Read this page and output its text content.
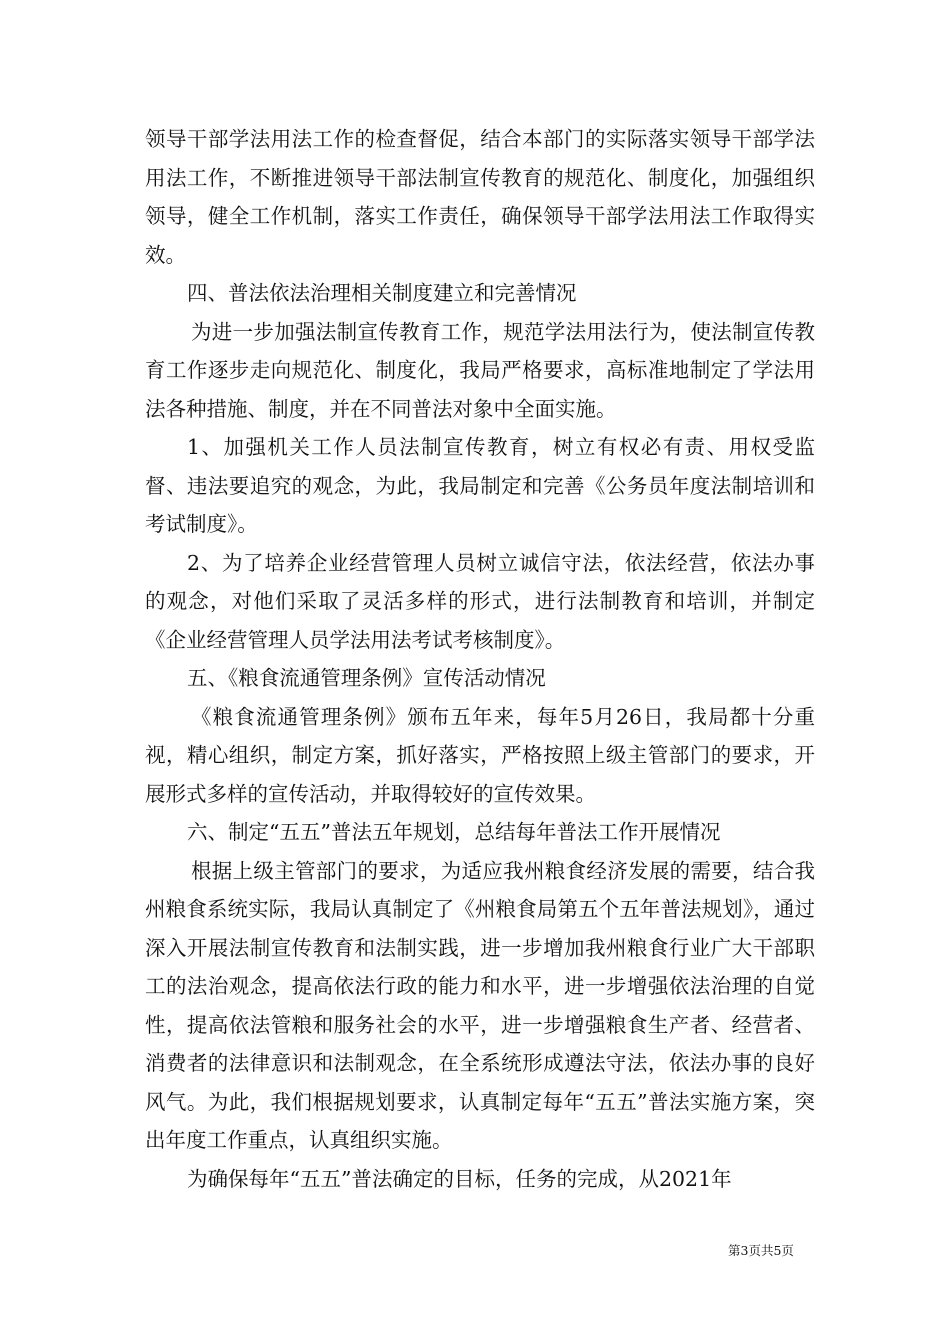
领导干部学法用法工作的检查督促，结合本部门的实际落实领导干部学法用法工作，不断推进领导干部法制宣传教育的规范化、制度化，加强组织领导，健全工作机制，落实工作责任，确保领导干部学法用法工作取得实效。

四、普法依法治理相关制度建立和完善情况

为进一步加强法制宣传教育工作，规范学法用法行为，使法制宣传教育工作逐步走向规范化、制度化，我局严格要求，高标准地制定了学法用法各种措施、制度，并在不同普法对象中全面实施。

1、加强机关工作人员法制宣传教育，树立有权必有责、用权受监督、违法要追究的观念，为此，我局制定和完善《公务员年度法制培训和考试制度》。

2、为了培养企业经营管理人员树立诚信守法，依法经营，依法办事的观念，对他们采取了灵活多样的形式，进行法制教育和培训，并制定《企业经营管理人员学法用法考试考核制度》。

五、《粮食流通管理条例》宣传活动情况

《粮食流通管理条例》颁布五年来，每年5月26日，我局都十分重视，精心组织，制定方案，抓好落实，严格按照上级主管部门的要求，开展形式多样的宣传活动，并取得较好的宣传效果。

六、制定“五五”普法五年规划，总结每年普法工作开展情况

根据上级主管部门的要求，为适应我州粮食经济发展的需要，结合我州粮食系统实际，我局认真制定了《州粮食局第五个五年普法规划》，通过深入开展法制宣传教育和法制实践，进一步增加我州粮食行业广大干部职工的法治观念，提高依法行政的能力和水平，进一步增强依法治理的自觉性，提高依法管粮和服务社会的水平，进一步增强粮食生产者、经营者、消费者的法律意识和法制观念，在全系统形成遵法守法，依法办事的良好风气。为此，我们根据规划要求，认真制定每年“五五”普法实施方案，突出年度工作重点，认真组织实施。

为确保每年“五五”普法确定的目标，任务的完成，从2021年

第3页共5页
